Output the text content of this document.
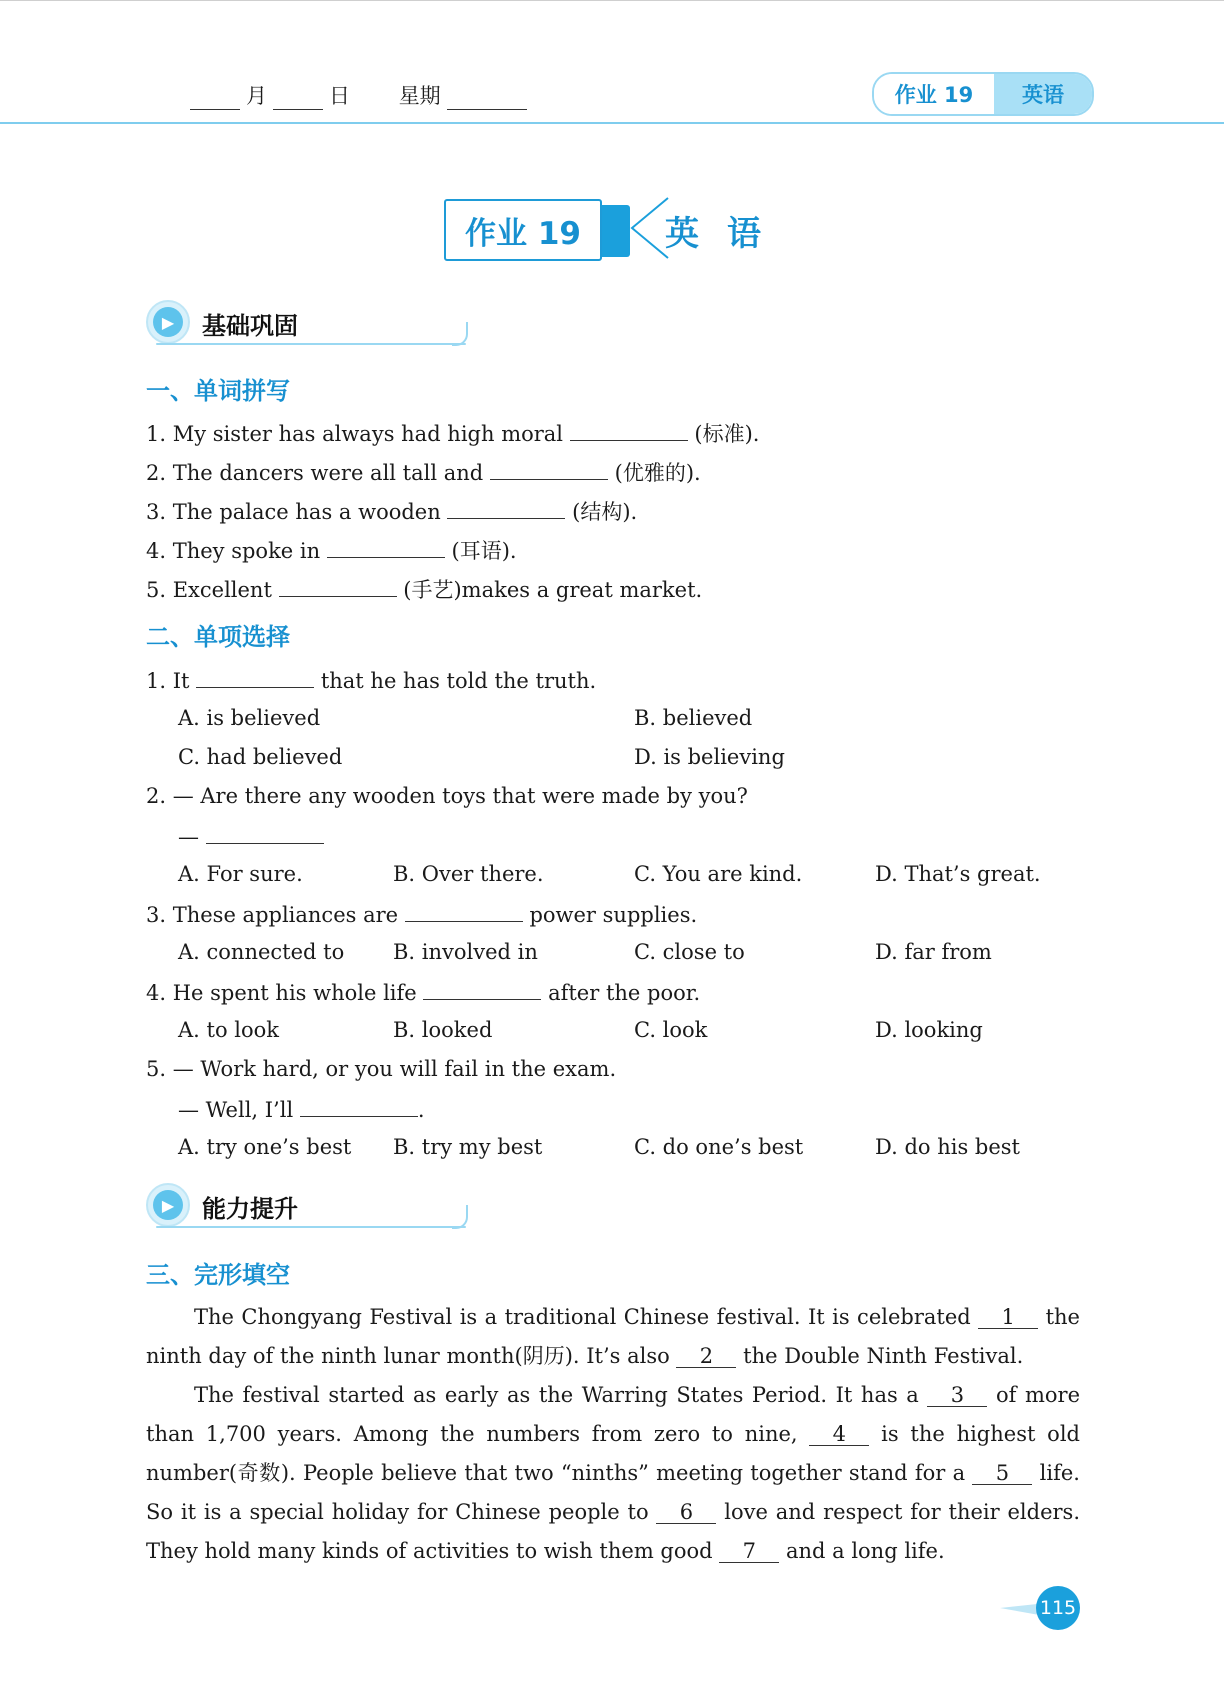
月	日 星期	作业 19	英语
作业 19	英语
▶	基础巩固
一、单词拼写
1. My sister has always had high moral	(标准).
2. The dancers were all tall and	(优雅的).
3. The palace has a wooden	(结构).
4. They spoke in	(耳语).
5. Excellent	(手艺)makes a great market.
二、单项选择
1. It	that he has told the truth.
A. is believed	B. believed
C. had believed	D. is believing
2. — Are there any wooden toys that were made by you?
—
A. For sure.	B. Over there.	C. You are kind.	D. That’s great.
3. These appliances are	power supplies.
A. connected to B. involved in	C. close to	D. far from
4. He spent his whole life	after the poor.
A. to look	B. looked	C. look	D. looking
5. — Work hard, or you will fail in the exam.
— Well, I’ll	.
A. try one’s best B. try my best	C. do one’s best	D. do his best
▶	能力提升
三、完形填空

The Chongyang Festival is a traditional Chinese festival. It is celebrated 1 the ninth day of the ninth lunar month(阴历). It’s also 2 the Double Ninth Festival.

The festival started as early as the Warring States Period. It has a 3 of more than 1,700 years. Among the numbers from zero to nine, 4 is the highest old number(奇数). People believe that two “ninths” meeting together stand for a 5 life. So it is a special holiday for Chinese people to 6 love and respect for their elders. They hold many kinds of activities to wish them good 7 and a long life.

115
